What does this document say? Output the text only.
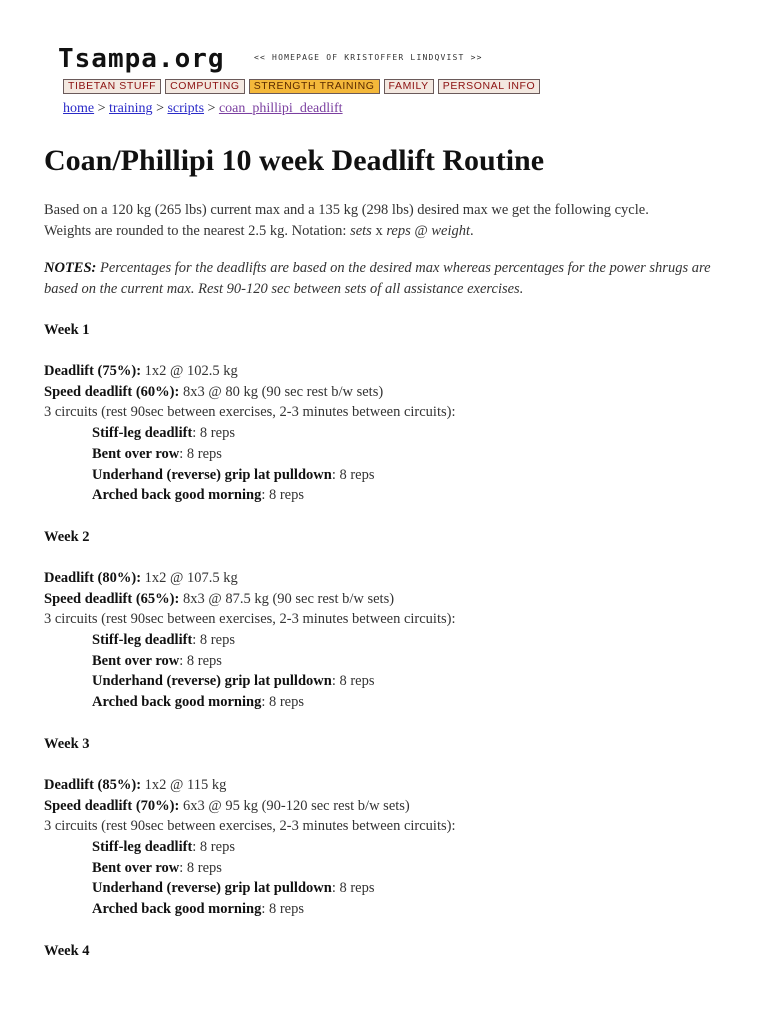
Tsampa.org	<< HOMEPAGE OF KRISTOFFER LINDQVIST >>
TIBETAN STUFF	COMPUTING	STRENGTH TRAINING	FAMILY	PERSONAL INFO
home > training > scripts > coan_phillipi_deadlift
Coan/Phillipi 10 week Deadlift Routine

Based on a 120 kg (265 lbs) current max and a 135 kg (298 lbs) desired max we get the following cycle.
Weights are rounded to the nearest 2.5 kg. Notation: sets x reps @ weight.

NOTES: Percentages for the deadlifts are based on the desired max whereas percentages for the power shrugs are based on the current max. Rest 90-120 sec between sets of all assistance exercises.

Week 1
Deadlift (75%): 1x2 @ 102.5 kg
Speed deadlift (60%): 8x3 @ 80 kg (90 sec rest b/w sets)
3 circuits (rest 90sec between exercises, 2-3 minutes between circuits):
Stiff-leg deadlift: 8 reps
Bent over row: 8 reps
Underhand (reverse) grip lat pulldown: 8 reps
Arched back good morning: 8 reps
Week 2
Deadlift (80%): 1x2 @ 107.5 kg
Speed deadlift (65%): 8x3 @ 87.5 kg (90 sec rest b/w sets)
3 circuits (rest 90sec between exercises, 2-3 minutes between circuits):
Stiff-leg deadlift: 8 reps
Bent over row: 8 reps
Underhand (reverse) grip lat pulldown: 8 reps
Arched back good morning: 8 reps
Week 3
Deadlift (85%): 1x2 @ 115 kg
Speed deadlift (70%): 6x3 @ 95 kg (90-120 sec rest b/w sets)
3 circuits (rest 90sec between exercises, 2-3 minutes between circuits):
Stiff-leg deadlift: 8 reps
Bent over row: 8 reps
Underhand (reverse) grip lat pulldown: 8 reps
Arched back good morning: 8 reps
Week 4
